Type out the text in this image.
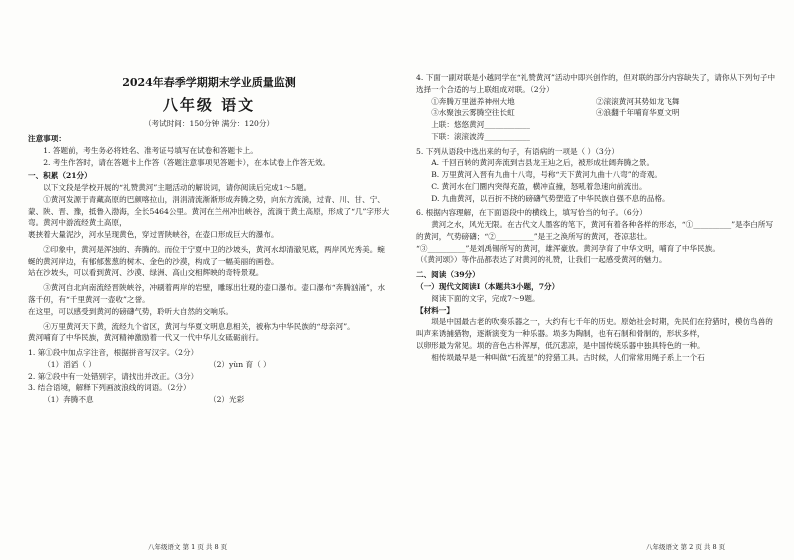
2024年春季学期期末学业质量监测
八年级 语文
（考试时间：150分钟 满分：120分）

注意事项：

1. 答题前，考生务必将姓名、准考证号填写在试卷和答题卡上。

2. 考生作答时，请在答题卡上作答（答题注意事项见答题卡），在本试卷上作答无效。

一、积累（21分）

以下文段是学校开展的“礼赞黄河”主题活动的解说词，请你阅读后完成1～5题。

①黄河发源于青藏高原的巴颜喀拉山，涓涓清流渐渐形成奔腾之势，向东方流淌，过青、川、甘、宁、蒙、陕、晋、豫，抵鲁入渤海，全长5464公里。黄河在兰州冲出峡谷，流淌于黄土高原，形成了“几”字形大弯。黄河中游流经黄土高原，

裹挟着大量泥沙，河水呈现黄色，穿过晋陕峡谷，在壶口形成巨大的瀑布。

②印象中，黄河是浑浊的、奔腾的。而位于宁夏中卫的沙坡头，黄河水却清澈见底，两岸风光秀美。蜿蜒的黄河岸边，有郁郁葱葱的树木、金色的沙漠，构成了一幅美丽的画卷。

站在沙坡头，可以看到黄河、沙漠、绿洲、高山交相辉映的奇特景观。

③黄河自北向南流经晋陕峡谷，冲刷着两岸的岩壁，雕琢出壮观的壶口瀑布。壶口瀑布“奔腾汹涌”，水落千仞，有“千里黄河一壶收”之誉。

在这里，可以感受到黄河的磅礴气势，聆听大自然的交响乐。

④万里黄河天下黄，流经九个省区，黄河与华夏文明息息相关，被称为中华民族的“母亲河”。

黄河哺育了中华民族，黄河精神激励着一代又一代中华儿女砥砺前行。

1. 第①段中加点字注音，根据拼音写汉字。（2分）

（1）滔滔（ ）	（2）yùn 育（ ）

2. 第②段中有一处错别字，请找出并改正。（3分）

3. 结合语境，解释下列画波浪线的词语。（2分）

（1）奔腾不息	（2）光彩
八年级语文 第 1 页 共 8 页

4. 下面一副对联是小越同学在“礼赞黄河”活动中即兴创作的，但对联的部分内容缺失了，请你从下列句子中选择一个合适的与上联组成对联。（2分）

①奔腾万里滋养神州大地	②滚滚黄河其势如龙飞舞
③水聚浊云雾腾空往长虹	④浪翻千年哺育华夏文明

上联：悠悠黄河____________

下联：滚滚波涛____________

5. 下列从语段中选出来的句子，有语病的一项是（ ）（3分）

A. 千回百转的黄河奔流到吉县龙王辿之后，被形成壮阔奔腾之景。

B. 万里黄河入晋有九曲十八弯，号称“天下黄河九曲十八弯”的奇观。

C. 黄河水在门圜内突得充盈，横冲直撞，怒吼着急速向前流出。

D. 九曲黄河，以百折不挠的磅礴气势塑造了中华民族自强不息的品格。

6. 根据内容理解，在下面语段中的横线上，填写恰当的句子。（6分）

黄河之水，风光无限。在古代文人墨客的笔下，黄河有着各种各样的形态，“①__________”是李白所写的黄河，气势磅礴；“②__________”是王之涣所写的黄河，苍凉悲壮。

“③__________”是刘禹锡所写的黄河，雄浑豪放。黄河孕育了中华文明，哺育了中华民族。

（《黄河颂》）等作品都表达了对黄河的礼赞，让我们一起感受黄河的魅力。

二、阅读（39分）

（一）现代文阅读Ⅰ（本题共3小题，7分）

阅读下面的文字，完成7～9题。

【材料一】

埙是中国最古老的吹奏乐器之一，大约有七千年的历史。原始社会时期，先民们在狩猎时，模仿鸟兽的叫声来诱捕猎物，逐渐演变为一种乐器。埙多为陶制，也有石制和骨制的，形状多样，

以卵形最为常见。埙的音色古朴浑厚，低沉悲凉，是中国传统乐器中独具特色的一种。

相传埙最早是一种叫做“石流星”的狩猎工具。古时候，人们常常用绳子系上一个石

八年级语文 第 2 页 共 8 页
